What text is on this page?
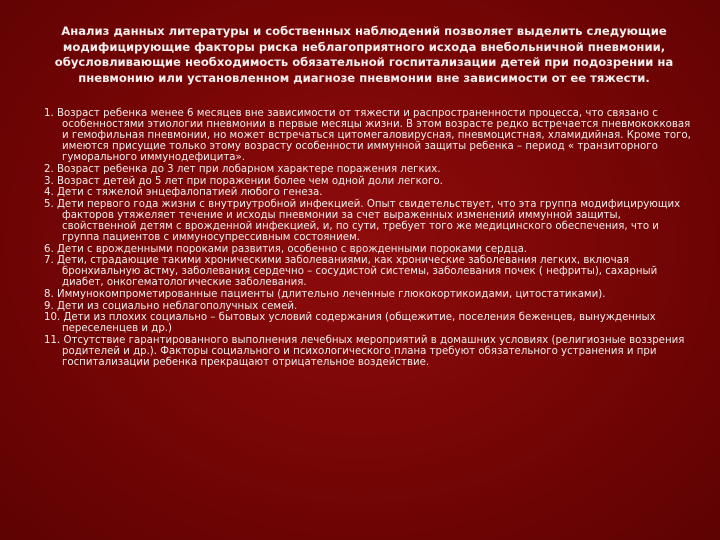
Анализ данных литературы и собственных наблюдений позволяет выделить следующие модифицирующие факторы риска неблагоприятного исхода внебольничной пневмонии, обусловливающие необходимость обязательной госпитализации детей при подозрении на пневмонию или установленном диагнозе пневмонии вне зависимости от ее тяжести.
1. Возраст ребенка менее 6 месяцев вне зависимости от тяжести и распространенности процесса, что связано с особенностями этиологии пневмонии в первые месяцы жизни. В этом возрасте редко встречается пневмококковая и гемофильная пневмонии, но может встречаться цитомегаловирусная, пневмоцистная, хламидийная. Кроме того, имеются присущие только этому возрасту особенности иммунной защиты ребенка – период « транзиторного гуморального иммунодефицита».
2. Возраст ребенка до 3 лет при лобарном характере поражения легких.
3. Возраст детей до 5 лет при поражении более чем одной доли легкого.
4. Дети с тяжелой энцефалопатией любого генеза.
5. Дети первого года жизни с внутриутробной инфекцией. Опыт свидетельствует, что эта группа модифицирующих факторов утяжеляет течение и исходы пневмонии за счет выраженных изменений иммунной защиты, свойственной детям с врожденной инфекцией, и, по сути, требует того же медицинского обеспечения, что и группа пациентов с иммуносупрессивным состоянием.
6. Дети с врожденными пороками развития, особенно с врожденными пороками сердца.
7. Дети, страдающие такими хроническими заболеваниями, как хронические заболевания легких, включая бронхиальную астму, заболевания сердечно – сосудистой системы, заболевания почек ( нефриты), сахарный диабет, онкогематологические заболевания.
8. Иммунокомпрометированные пациенты (длительно леченные глюкокортикоидами, цитостатиками).
9. Дети из социально неблагополучных семей.
10. Дети из плохих социально – бытовых условий содержания (общежитие, поселения беженцев, вынужденных переселенцев и др.)
11. Отсутствие гарантированного выполнения лечебных мероприятий в домашних условиях (религиозные воззрения родителей и др.). Факторы социального и психологического плана требуют обязательного устранения и при госпитализации ребенка прекращают отрицательное воздействие.
